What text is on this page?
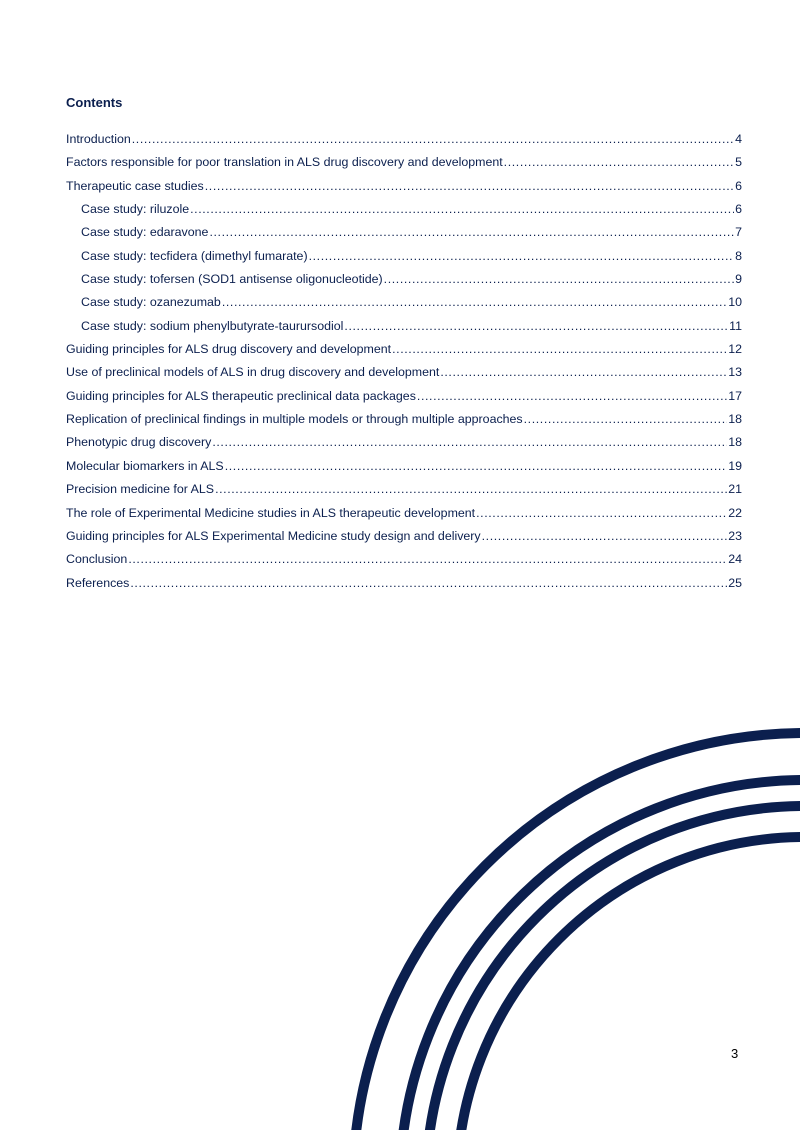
Contents
Introduction .....	4
Factors responsible for poor translation in ALS drug discovery and development .....	5
Therapeutic case studies .....	6
Case study: riluzole .....	6
Case study: edaravone .....	7
Case study: tecfidera (dimethyl fumarate) .....	8
Case study: tofersen (SOD1 antisense oligonucleotide) .....	9
Case study: ozanezumab .....	10
Case study: sodium phenylbutyrate-taurursodiol .....	11
Guiding principles for ALS drug discovery and development .....	12
Use of preclinical models of ALS in drug discovery and development .....	13
Guiding principles for ALS therapeutic preclinical data packages .....	17
Replication of preclinical findings in multiple models or through multiple approaches .....	18
Phenotypic drug discovery .....	18
Molecular biomarkers in ALS .....	19
Precision medicine for ALS .....	21
The role of Experimental Medicine studies in ALS therapeutic development .....	22
Guiding principles for ALS Experimental Medicine study design and delivery .....	23
Conclusion .....	24
References .....	25
3
